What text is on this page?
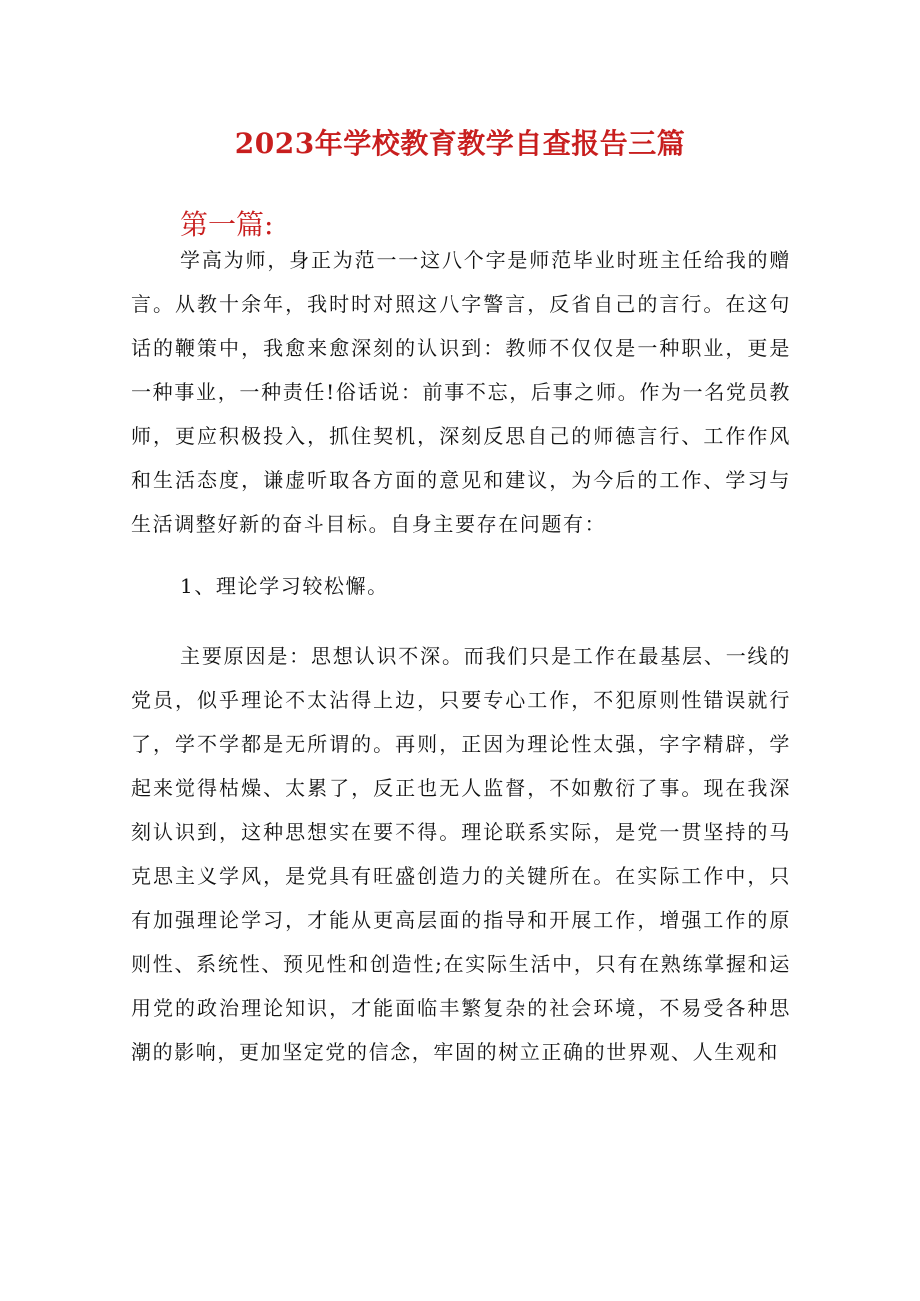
2023年学校教育教学自查报告三篇
第一篇:

学高为师，身正为范一一这八个字是师范毕业时班主任给我的赠言。从教十余年，我时时对照这八字警言，反省自己的言行。在这句话的鞭策中，我愈来愈深刻的认识到：教师不仅仅是一种职业，更是一种事业，一种责任!俗话说：前事不忘，后事之师。作为一名党员教师，更应积极投入，抓住契机，深刻反思自己的师德言行、工作作风和生活态度，谦虚听取各方面的意见和建议，为今后的工作、学习与生活调整好新的奋斗目标。自身主要存在问题有：

1、理论学习较松懈。

主要原因是：思想认识不深。而我们只是工作在最基层、一线的党员，似乎理论不太沾得上边，只要专心工作，不犯原则性错误就行了，学不学都是无所谓的。再则，正因为理论性太强，字字精辟，学起来觉得枯燥、太累了，反正也无人监督，不如敷衍了事。现在我深刻认识到，这种思想实在要不得。理论联系实际，是党一贯坚持的马克思主义学风，是党具有旺盛创造力的关键所在。在实际工作中，只有加强理论学习，才能从更高层面的指导和开展工作，增强工作的原则性、系统性、预见性和创造性;在实际生活中，只有在熟练掌握和运用党的政治理论知识，才能面临丰繁复杂的社会环境，不易受各种思潮的影响，更加坚定党的信念，牢固的树立正确的世界观、人生观和
